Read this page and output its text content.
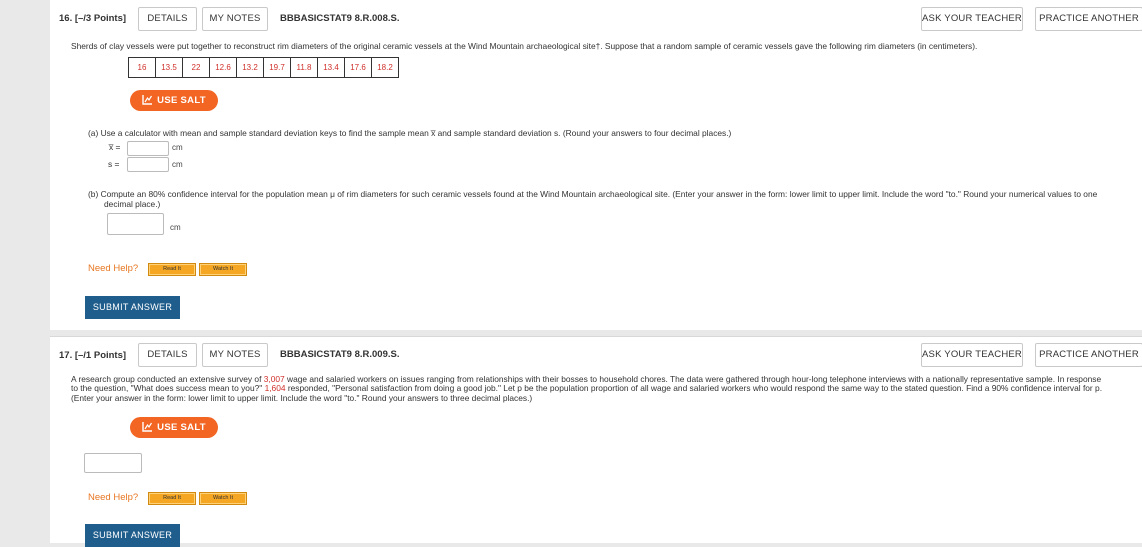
16. [–/3 Points]	DETAILS	MY NOTES	BBBASICSTAT9 8.R.008.S.	ASK YOUR TEACHER	PRACTICE ANOTHER
Sherds of clay vessels were put together to reconstruct rim diameters of the original ceramic vessels at the Wind Mountain archaeological site†. Suppose that a random sample of ceramic vessels gave the following rim diameters (in centimeters).
16	13.5	22	12.6	13.2	19.7	11.8	13.4	17.6	18.2
USE SALT
(a) Use a calculator with mean and sample standard deviation keys to find the sample mean x̅ and sample standard deviation s. (Round your answers to four decimal places.)
x̅ =	cm
s =	cm
(b) Compute an 80% confidence interval for the population mean μ of rim diameters for such ceramic vessels found at the Wind Mountain archaeological site. (Enter your answer in the form: lower limit to upper limit. Include the word "to." Round your numerical values to one
decimal place.)
cm
Need Help?	Read It	Watch It
SUBMIT ANSWER
17. [–/1 Points]	DETAILS	MY NOTES	BBBASICSTAT9 8.R.009.S.	ASK YOUR TEACHER	PRACTICE ANOTHER
A research group conducted an extensive survey of 3,007 wage and salaried workers on issues ranging from relationships with their bosses to household chores. The data were gathered through hour-long telephone interviews with a nationally representative sample. In response
to the question, "What does success mean to you?" 1,604 responded, "Personal satisfaction from doing a good job." Let p be the population proportion of all wage and salaried workers who would respond the same way to the stated question. Find a 90% confidence interval for p.
(Enter your answer in the form: lower limit to upper limit. Include the word "to." Round your answers to three decimal places.)
USE SALT
Need Help?	Read It	Watch It
SUBMIT ANSWER
